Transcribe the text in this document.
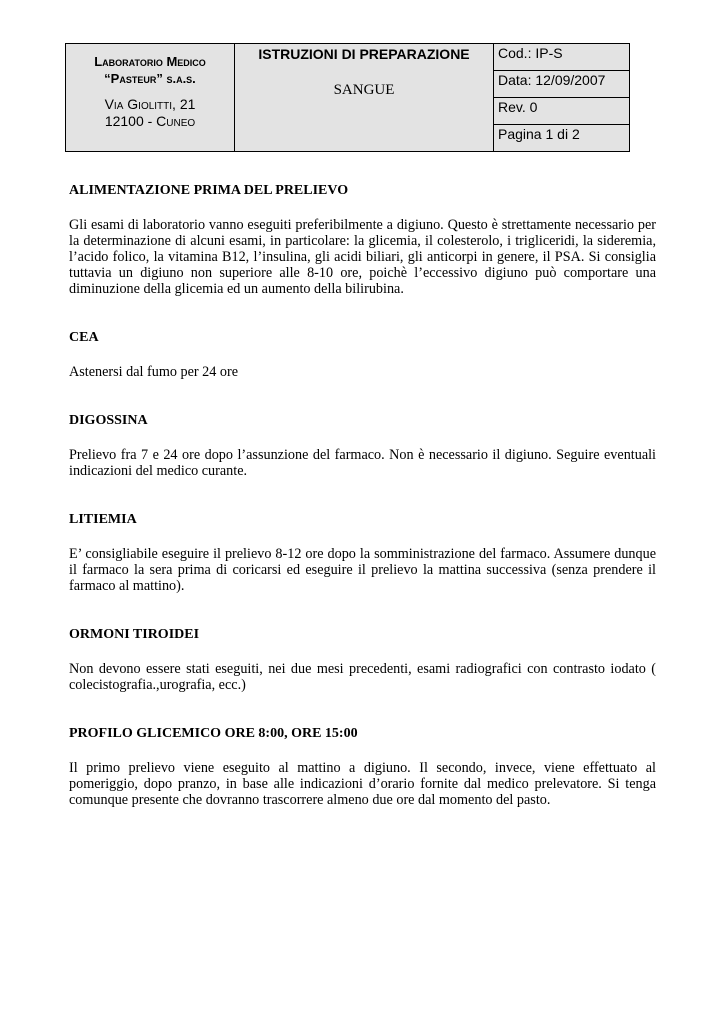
Laboratorio Medico
“Pasteur” s.a.s.
Via Giolitti, 21
12100 - Cuneo

ISTRUZIONI DI PREPARAZIONE
SANGUE
	Cod.: IP-S
Data: 12/09/2007
Rev. 0
Pagina 1 di 2

ALIMENTAZIONE PRIMA DEL PRELIEVO

Gli esami di laboratorio vanno eseguiti preferibilmente a digiuno. Questo è strettamente necessario per la determinazione di alcuni esami, in particolare: la glicemia, il colesterolo, i trigliceridi, la sideremia, l’acido folico, la vitamina B12, l’insulina, gli acidi biliari, gli anticorpi in genere, il PSA. Si consiglia tuttavia un digiuno non superiore alle 8-10 ore, poichè l’eccessivo digiuno può comportare una diminuzione della glicemia ed un aumento della bilirubina.

CEA

Astenersi dal fumo per 24 ore

DIGOSSINA

Prelievo fra 7 e 24 ore dopo l’assunzione del farmaco. Non è necessario il digiuno. Seguire eventuali indicazioni del medico curante.

LITIEMIA

E’ consigliabile eseguire il prelievo 8-12 ore dopo la somministrazione del farmaco. Assumere dunque il farmaco la sera prima di coricarsi ed eseguire il prelievo la mattina successiva (senza prendere il farmaco al mattino).

ORMONI TIROIDEI

Non devono essere stati eseguiti, nei due mesi precedenti, esami radiografici con contrasto iodato ( colecistografia.,urografia, ecc.)

PROFILO GLICEMICO ORE 8:00, ORE 15:00

Il primo prelievo viene eseguito al mattino a digiuno. Il secondo, invece, viene effettuato al pomeriggio, dopo pranzo, in base alle indicazioni d’orario fornite dal medico prelevatore. Si tenga comunque presente che dovranno trascorrere almeno due ore dal momento del pasto.
